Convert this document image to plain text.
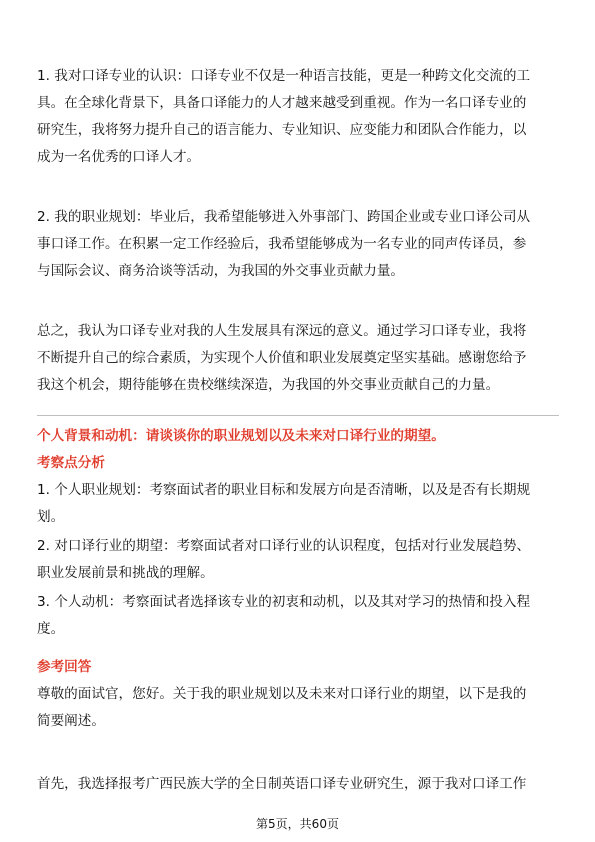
1. 我对口译专业的认识：口译专业不仅是一种语言技能，更是一种跨文化交流的工

具。在全球化背景下，具备口译能力的人才越来越受到重视。作为一名口译专业的

研究生，我将努力提升自己的语言能力、专业知识、应变能力和团队合作能力，以

成为一名优秀的口译人才。

2. 我的职业规划：毕业后，我希望能够进入外事部门、跨国企业或专业口译公司从

事口译工作。在积累一定工作经验后，我希望能够成为一名专业的同声传译员，参

与国际会议、商务洽谈等活动，为我国的外交事业贡献力量。

总之，我认为口译专业对我的人生发展具有深远的意义。通过学习口译专业，我将

不断提升自己的综合素质，为实现个人价值和职业发展奠定坚实基础。感谢您给予

我这个机会，期待能够在贵校继续深造，为我国的外交事业贡献自己的力量。

个人背景和动机：请谈谈你的职业规划以及未来对口译行业的期望。

考察点分析

1. 个人职业规划：考察面试者的职业目标和发展方向是否清晰，以及是否有长期规

划。

2. 对口译行业的期望：考察面试者对口译行业的认识程度，包括对行业发展趋势、

职业发展前景和挑战的理解。

3. 个人动机：考察面试者选择该专业的初衷和动机，以及其对学习的热情和投入程

度。

参考回答

尊敬的面试官，您好。关于我的职业规划以及未来对口译行业的期望，以下是我的

简要阐述。

首先，我选择报考广西民族大学的全日制英语口译专业研究生，源于我对口译工作

第5页，共60页
